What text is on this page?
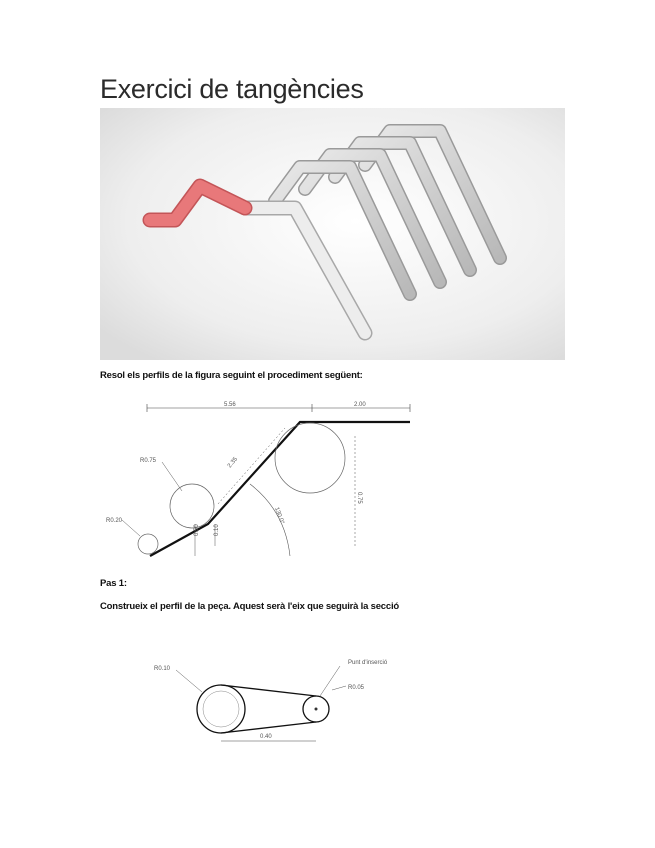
Exercici de tangències

Resol els perfils de la figura seguint el procediment següent:

5.56	2.00
R0.75
R0.20
2.35
130.0°
0.75
0.50 0.10

Pas 1:

Construeix el perfil de la peça. Aquest serà l'eix que seguirà la secció

0.40
R0.10
Punt d'inserció
R0.05
